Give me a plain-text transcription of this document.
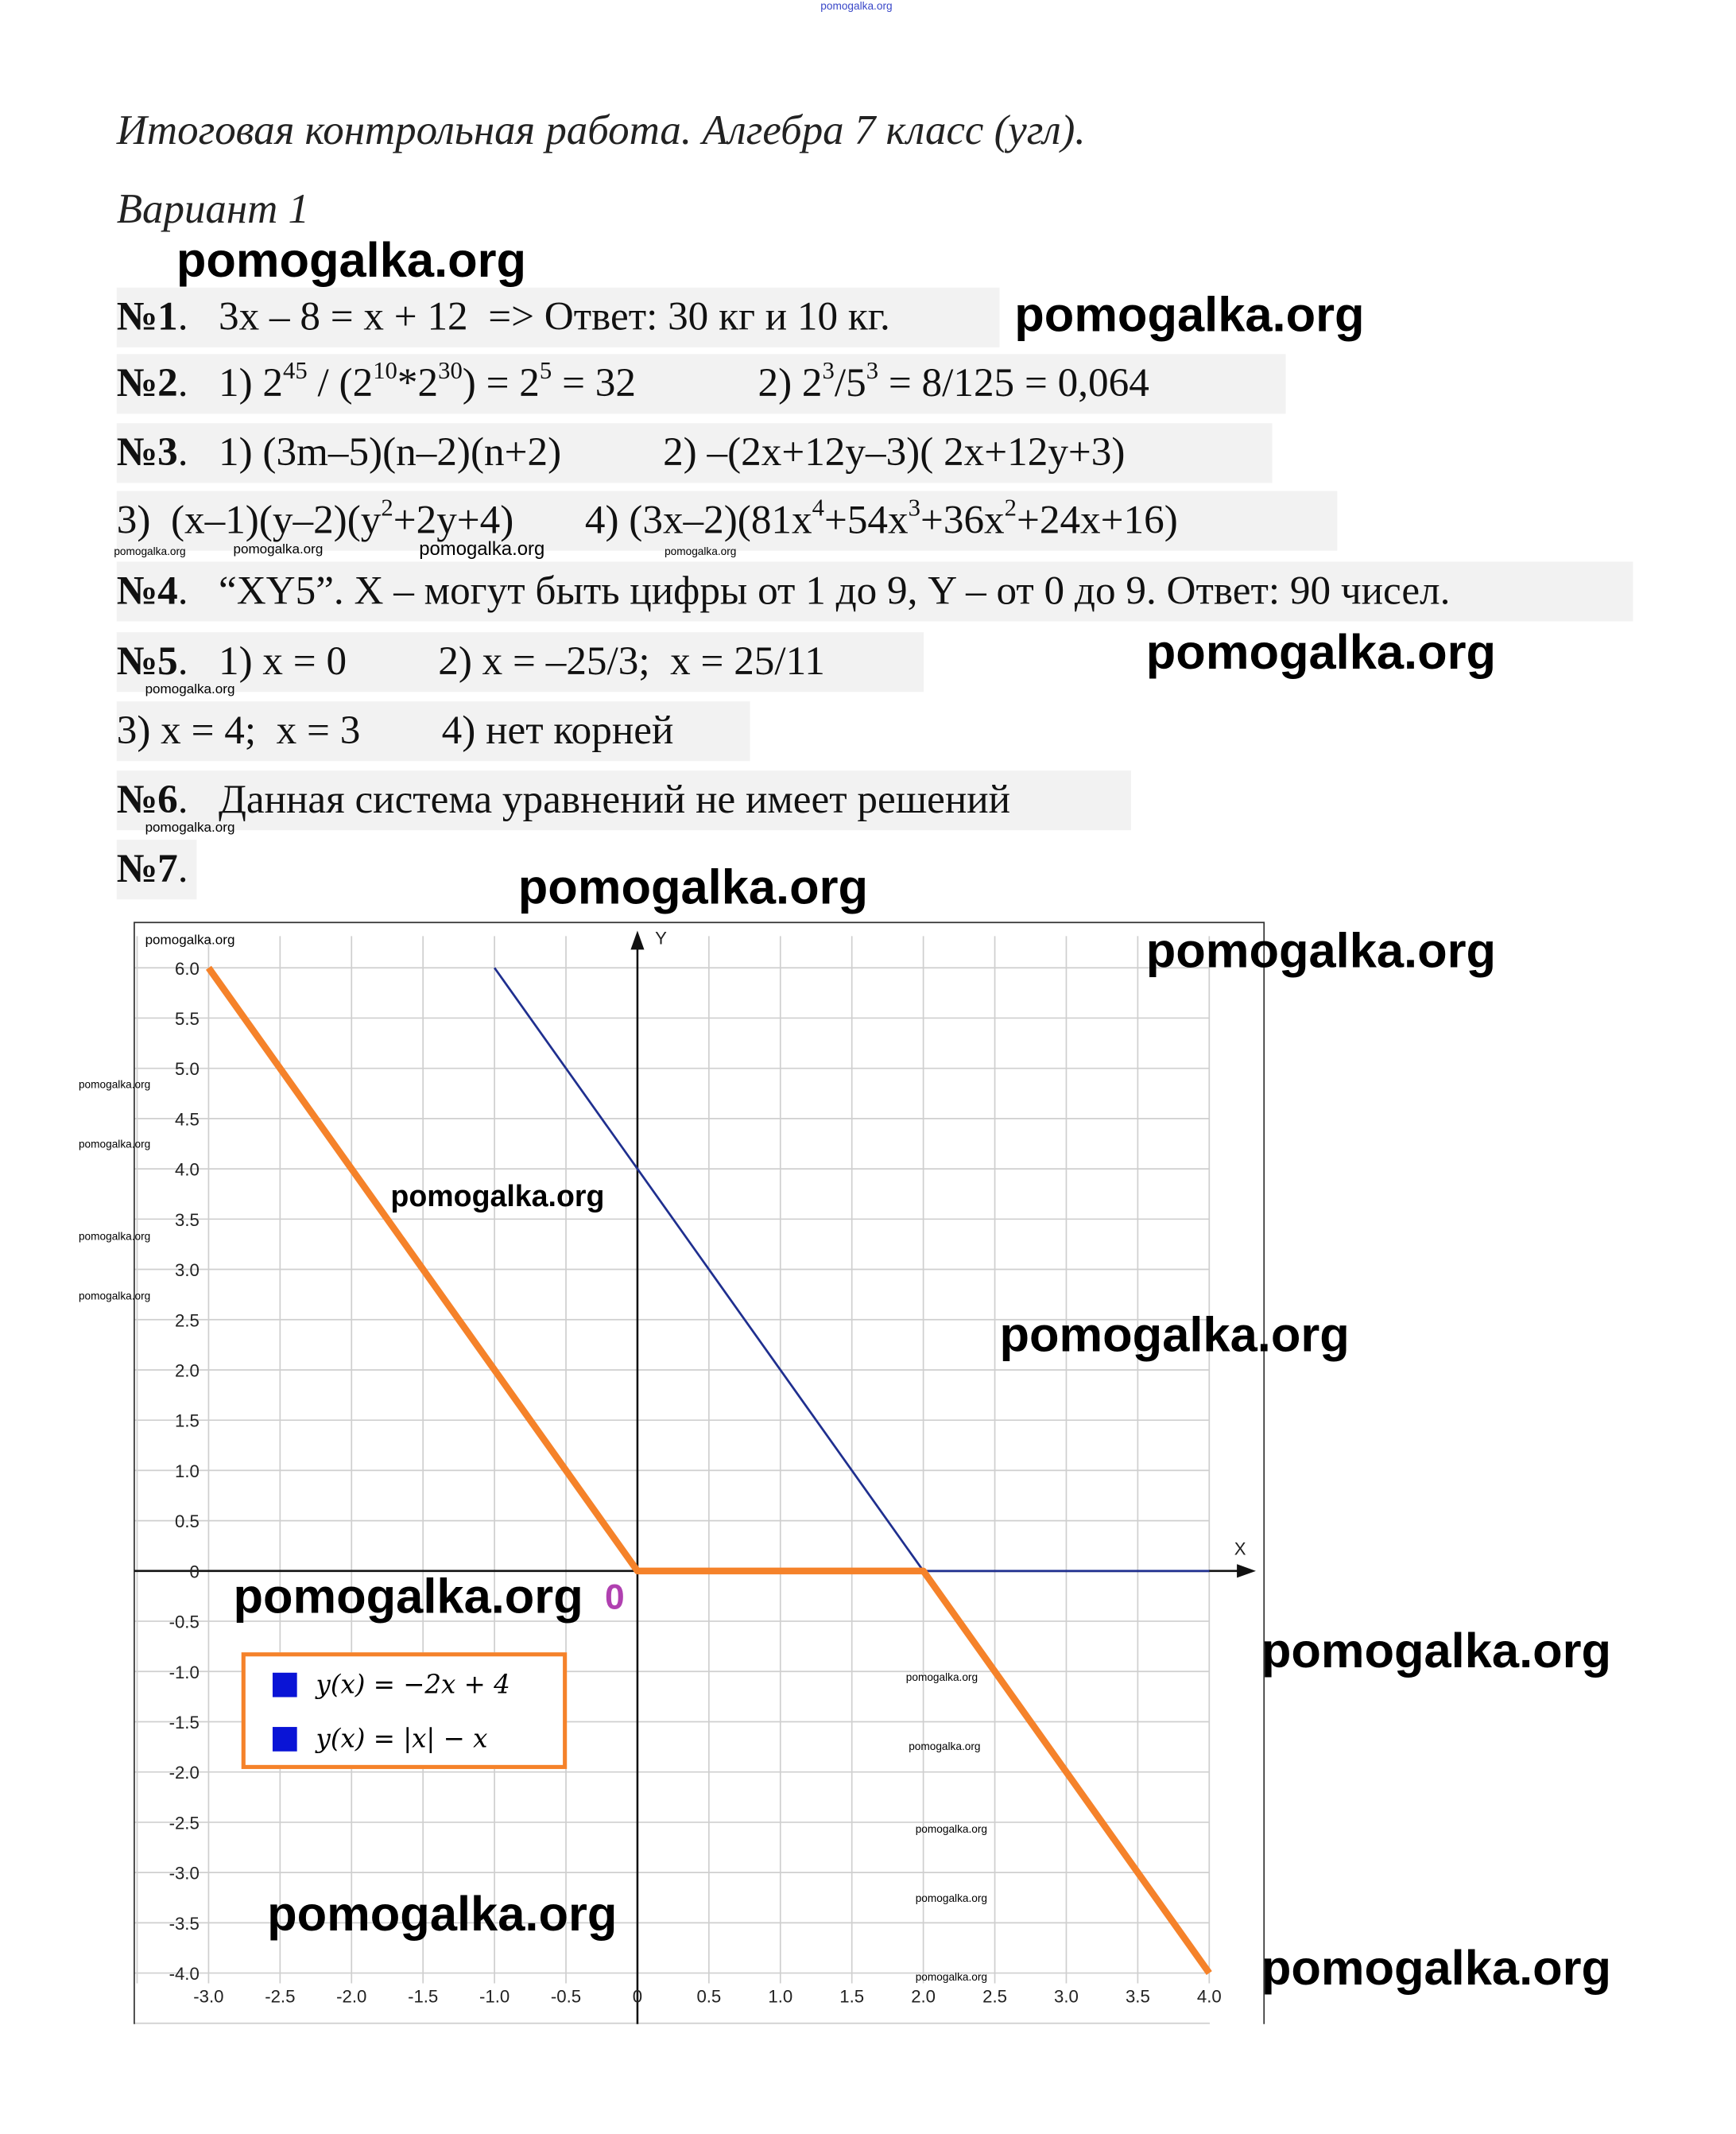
pomogalka.org
Итоговая контрольная работа. Алгебра 7 класс (угл).
Вариант 1
№1.   3x – 8 = x + 12  => Ответ: 30 кг и 10 кг.
№2.   1) $2^{45} / (2^{10}*2^{30}) = 2^5 = 32$            2) $2^3/5^3 = 8/125 = 0,064$
№3.   1) (3m–5)(n–2)(n+2)          2) –(2x+12y–3)( 2x+12y+3)
3)  $(x-1)(y-2)(y^2+2y+4)$       4) $(3x-2)(81x^4+54x^3+36x^2+24x+16)$
№4.   “XY5”. X – могут быть цифры от 1 до 9, Y – от 0 до 9. Ответ: 90 чисел.
№5.   1) x = 0         2) x = –25/3;  x = 25/11
3) x = 4;  x = 3        4) нет корней
№6.   Данная система уравнений не имеет решений
№7.
X
Y
6.0
5.5
5.0
4.5
4.0
3.5
3.0
2.5
2.0
1.5
1.0
0.5
0
-0.5
-1.0
-1.5
-2.0
-2.5
-3.0
-3.5
-4.0
-3.0	-2.5	-2.0	-1.5	-1.0	-0.5	0	0.5	1.0	1.5	2.0	2.5	3.0	3.5	4.0
y(x) = −2x + 4
y(x) = |x| − x
pomogalka.org
pomogalka.org
pomogalka.org
pomogalka.org
pomogalka.org
pomogalka.org
pomogalka.org
pomogalka.org 0
pomogalka.org
pomogalka.org
pomogalka.org
pomogalka.org	pomogalka.org	pomogalka.org	pomogalka.org
pomogalka.org
pomogalka.org
pomogalka.org
pomogalka.org
pomogalka.org
pomogalka.org
pomogalka.org
pomogalka.org
pomogalka.org
pomogalka.org
pomogalka.org
pomogalka.org
